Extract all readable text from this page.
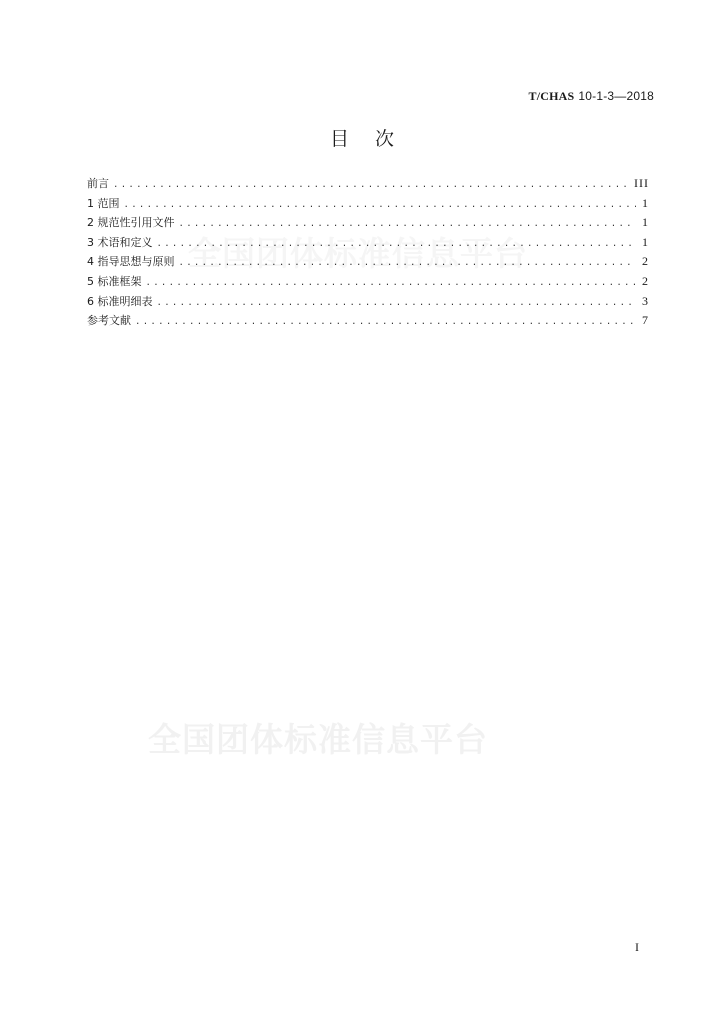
T/CHAS 10-1-3—2018
目次
全国团体标准信息平台
前言 .....	III
1 范围 .....	1
2 规范性引用文件 .....	1
3 术语和定义 .....	1
4 指导思想与原则 .....	2
5 标准框架 .....	2
6 标准明细表 .....	3
参考文献 .....	7
全国团体标准信息平台
I
